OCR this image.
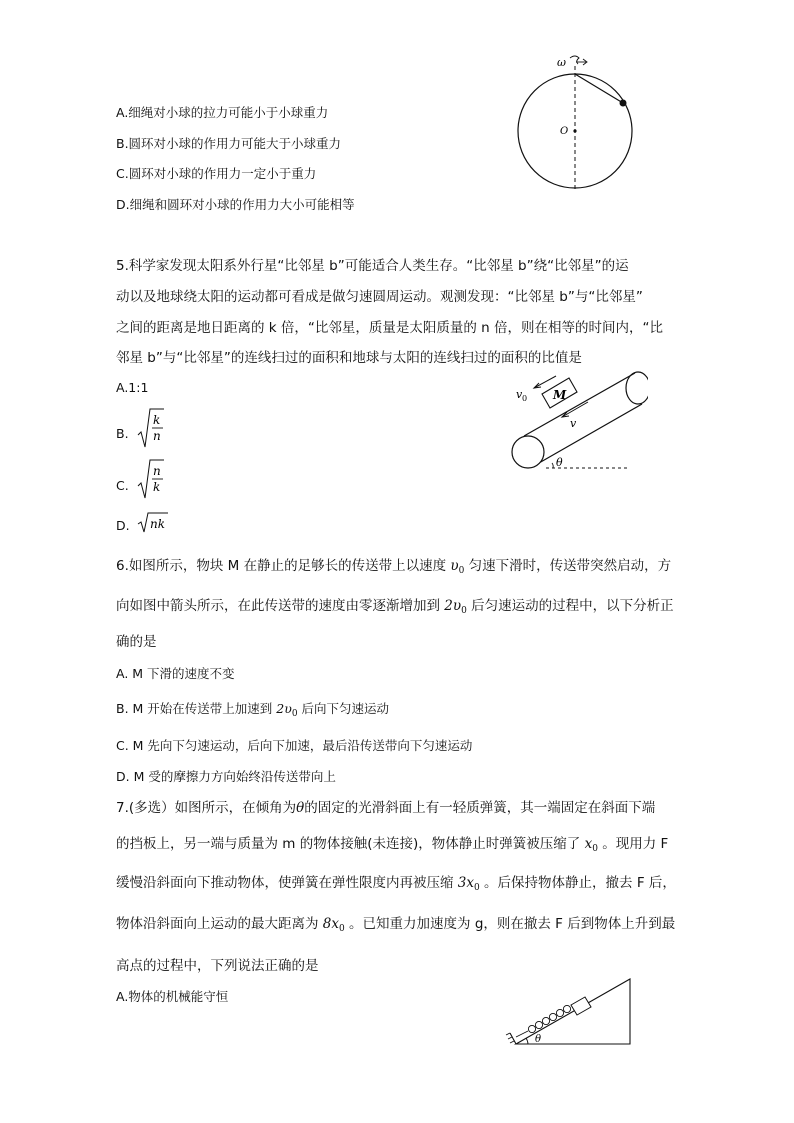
A.细绳对小球的拉力可能小于小球重力
B.圆环对小球的作用力可能大于小球重力
C.圆环对小球的作用力一定小于重力
D.细绳和圆环对小球的作用力大小可能相等
ω
O
5.科学家发现太阳系外行星“比邻星 b”可能适合人类生存。“比邻星 b”绕“比邻星”的运
动以及地球绕太阳的运动都可看成是做匀速圆周运动。观测发现：“比邻星 b”与“比邻星”
之间的距离是地日距离的 k 倍，“比邻星，质量是太阳质量的 n 倍，则在相等的时间内，“比
邻星 b”与“比邻星”的连线扫过的面积和地球与太阳的连线扫过的面积的比值是
A.1:1
B.
k
n
C.
n
k
D. nk
M
v 0
v
θ
6.如图所示，物块 M 在静止的足够长的传送带上以速度 $\upsilon_0$ 匀速下滑时，传送带突然启动，方
向如图中箭头所示，在此传送带的速度由零逐渐增加到 $2\upsilon_0$ 后匀速运动的过程中，以下分析正
确的是
A. M 下滑的速度不变
B. M 开始在传送带上加速到 $2\upsilon_0$ 后向下匀速运动
C. M 先向下匀速运动，后向下加速，最后沿传送带向下匀速运动
D. M 受的摩擦力方向始终沿传送带向上
7.(多选）如图所示，在倾角为θ的固定的光滑斜面上有一轻质弹簧，其一端固定在斜面下端
的挡板上，另一端与质量为 m 的物体接触(未连接)，物体静止时弹簧被压缩了 $x_0$ 。现用力 F
缓慢沿斜面向下推动物体，使弹簧在弹性限度内再被压缩 $3x_0$ 。后保持物体静止，撤去 F 后，
物体沿斜面向上运动的最大距离为 $8x_0$ 。已知重力加速度为 g，则在撤去 F 后到物体上升到最
高点的过程中，下列说法正确的是
A.物体的机械能守恒
θ
